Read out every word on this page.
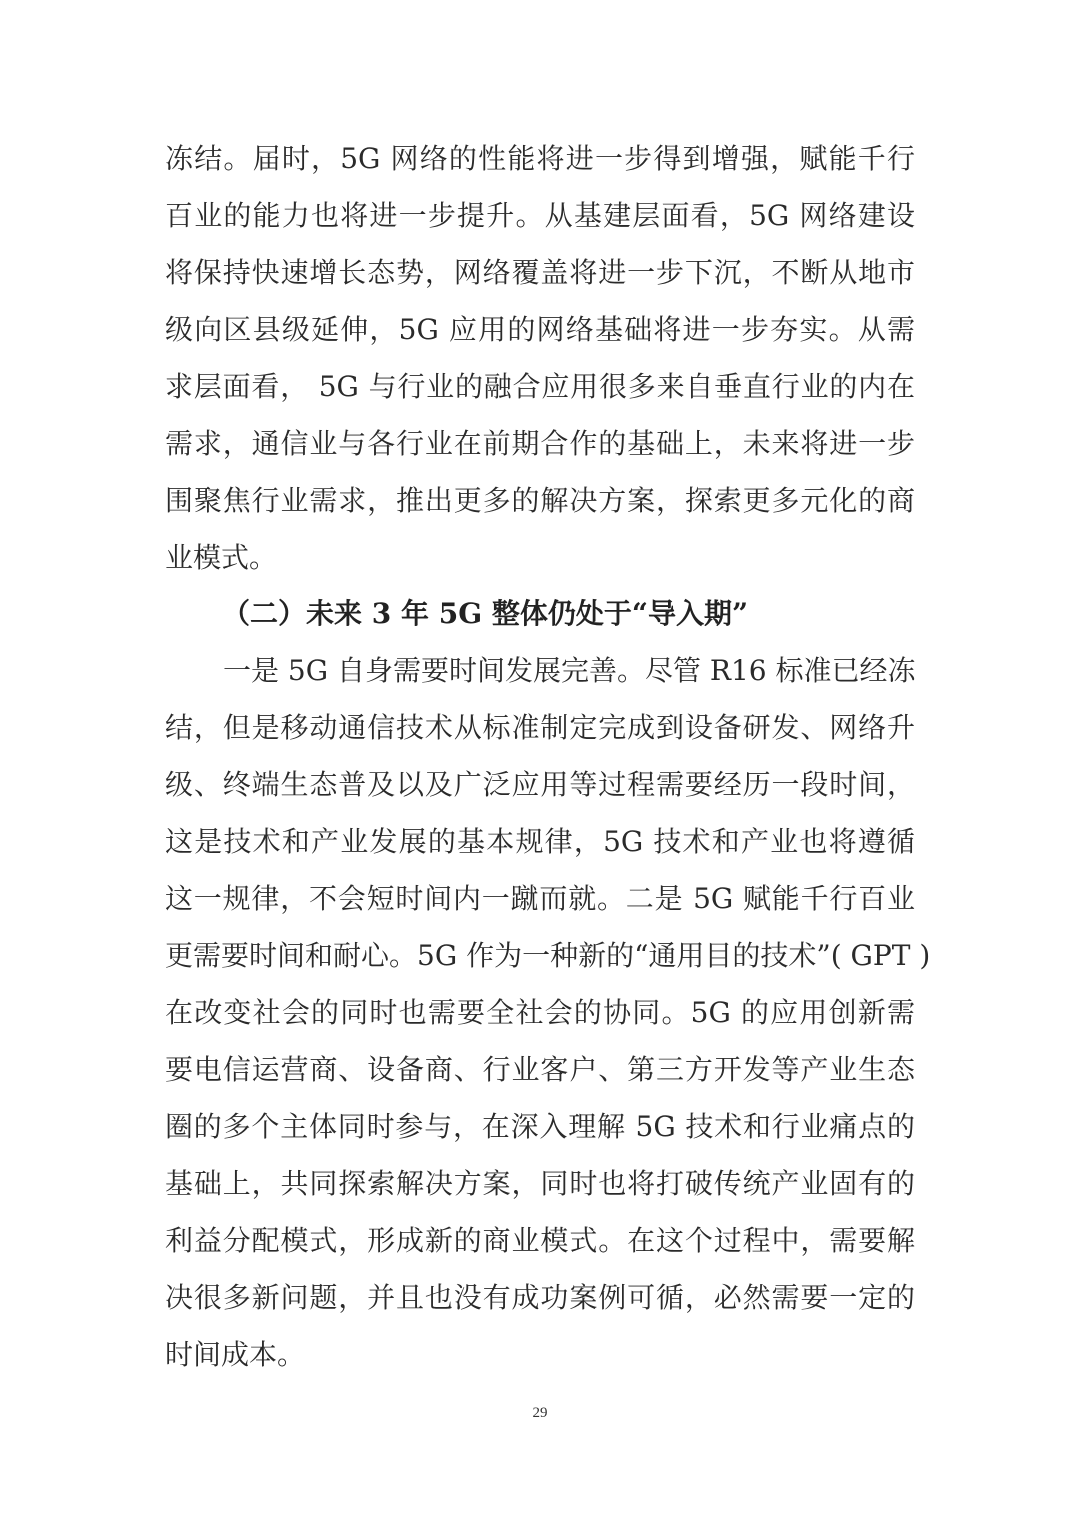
冻结。届时，5G 网络的性能将进一步得到增强，赋能千行
百业的能力也将进一步提升。从基建层面看，5G 网络建设
将保持快速增长态势，网络覆盖将进一步下沉，不断从地市
级向区县级延伸，5G 应用的网络基础将进一步夯实。从需
求层面看， 5G 与行业的融合应用很多来自垂直行业的内在
需求，通信业与各行业在前期合作的基础上，未来将进一步
围聚焦行业需求，推出更多的解决方案，探索更多元化的商
业模式。
（二）未来 3 年 5G 整体仍处于“导入期”
一是 5G 自身需要时间发展完善。尽管 R16 标准已经冻
结，但是移动通信技术从标准制定完成到设备研发、网络升
级、终端生态普及以及广泛应用等过程需要经历一段时间，
这是技术和产业发展的基本规律，5G 技术和产业也将遵循
这一规律，不会短时间内一蹴而就。二是 5G 赋能千行百业
更需要时间和耐心。5G 作为一种新的“通用目的技术”( GPT )
在改变社会的同时也需要全社会的协同。5G 的应用创新需
要电信运营商、设备商、行业客户、第三方开发等产业生态
圈的多个主体同时参与，在深入理解 5G 技术和行业痛点的
基础上，共同探索解决方案，同时也将打破传统产业固有的
利益分配模式，形成新的商业模式。在这个过程中，需要解
决很多新问题，并且也没有成功案例可循，必然需要一定的
时间成本。
29
